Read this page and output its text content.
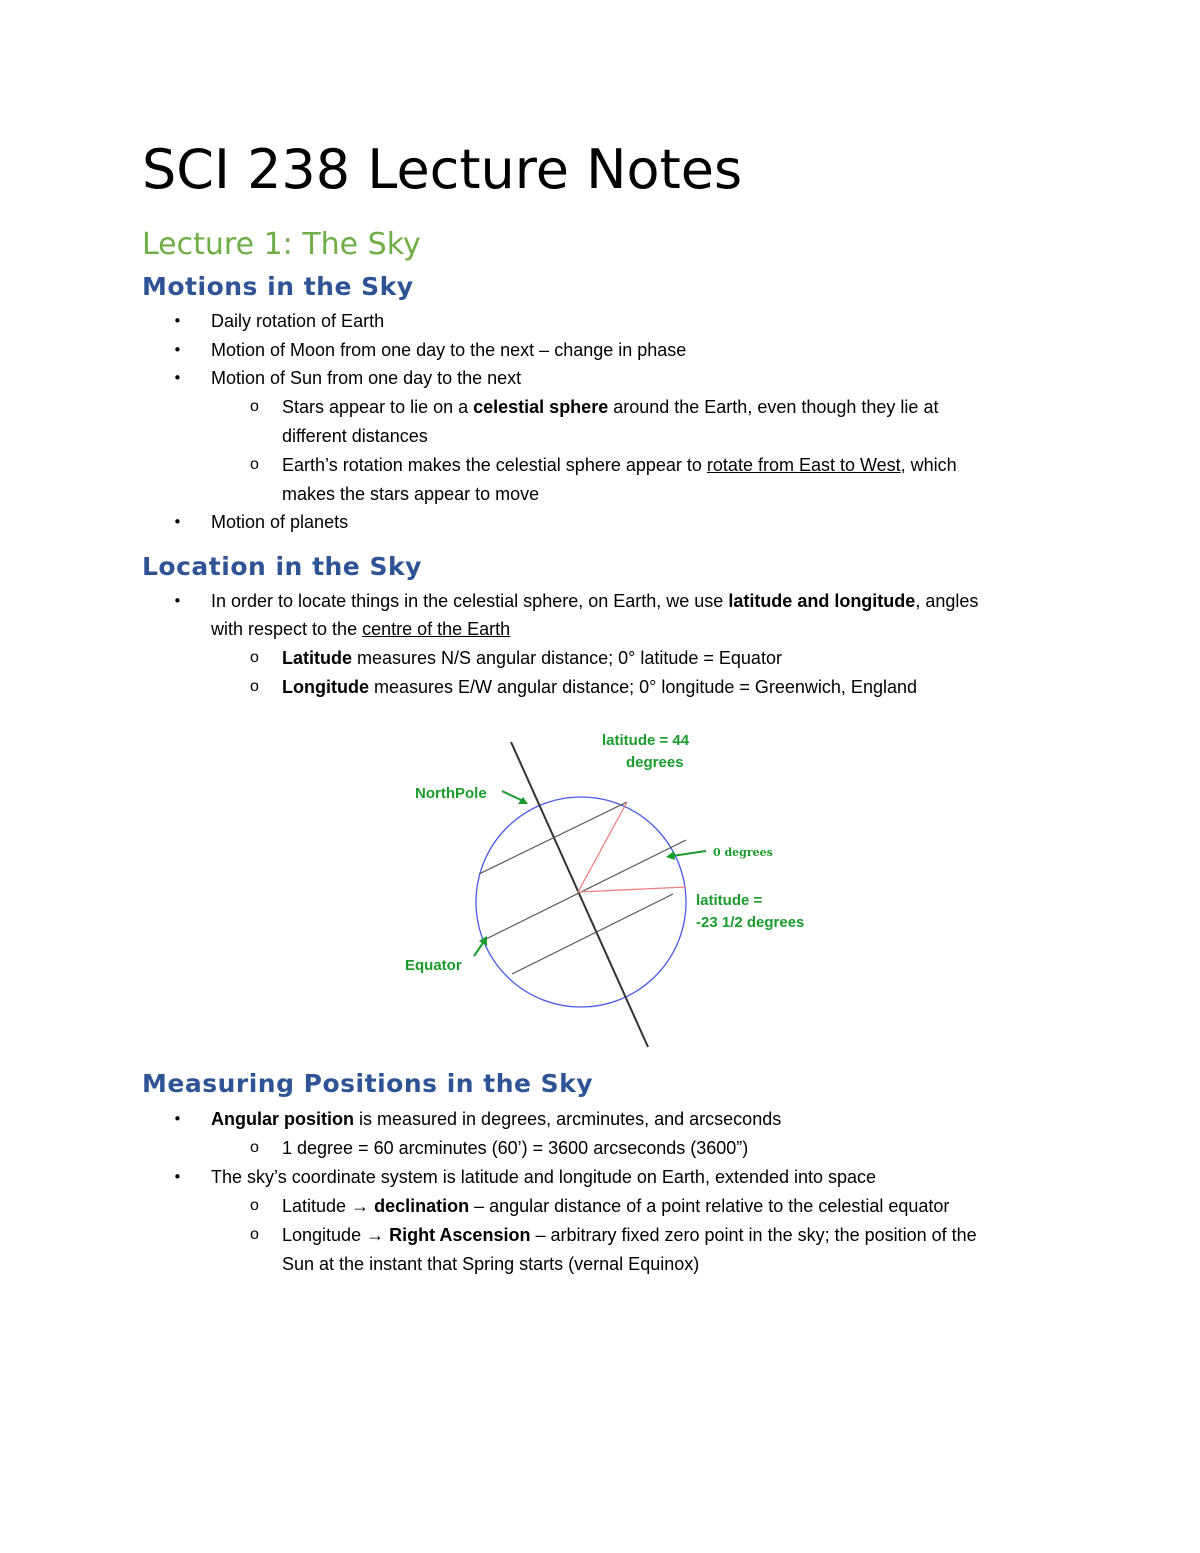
SCI 238 Lecture Notes
Lecture 1: The Sky
Motions in the Sky
• Daily rotation of Earth
• Motion of Moon from one day to the next – change in phase
• Motion of Sun from one day to the next
o Stars appear to lie on a celestial sphere around the Earth, even though they lie at
different distances
o Earth’s rotation makes the celestial sphere appear to rotate from East to West, which
makes the stars appear to move
• Motion of planets
Location in the Sky
• In order to locate things in the celestial sphere, on Earth, we use latitude and longitude, angles
with respect to the centre of the Earth
o Latitude measures N/S angular distance; 0° latitude = Equator
o Longitude measures E/W angular distance; 0° longitude = Greenwich, England
NorthPole
Equator
latitude = 44
degrees
0 degrees
latitude =
-23 1/2 degrees
Measuring Positions in the Sky
• Angular position is measured in degrees, arcminutes, and arcseconds
o 1 degree = 60 arcminutes (60’) = 3600 arcseconds (3600”)
• The sky’s coordinate system is latitude and longitude on Earth, extended into space
o Latitude → declination – angular distance of a point relative to the celestial equator
o Longitude → Right Ascension – arbitrary fixed zero point in the sky; the position of the
Sun at the instant that Spring starts (vernal Equinox)
